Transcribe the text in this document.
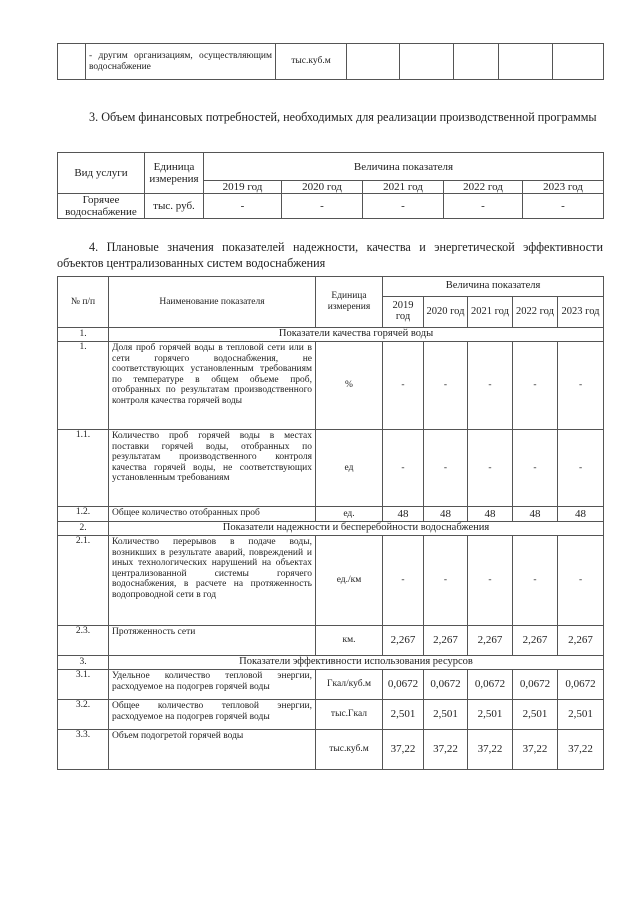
	- другим организациям, осуществляющим водоснабжение	тыс.куб.м					
3. Объем финансовых потребностей, необходимых для реализации производственной программы
Вид услуги	Единица измерения	Величина показателя				
		2019 год	2020 год	2021 год	2022 год	2023 год
Горячее водоснабжение	тыс. руб.	-	-	-	-	-
4. Плановые значения показателей надежности, качества и энергетической эффективности объектов централизованных систем водоснабжения
№ п/п	Наименование показателя	Единица измерения	Величина показателя				
			2019 год	2020 год	2021 год	2022 год	2023 год
1.	Показатели качества горячей воды						
1.	Доля проб горячей воды в тепловой сети или в сети горячего водоснабжения, не соответствующих установленным требованиям по температуре в общем объеме проб, отобранных по результатам производственного контроля качества горячей воды	%	-	-	-	-	-
1.1.	Количество проб горячей воды в местах поставки горячей воды, отобранных по результатам производственного контроля качества горячей воды, не соответствующих установленным требованиям	ед	-	-	-	-	-
1.2.	Общее количество отобранных проб	ед.	48	48	48	48	48
2.	Показатели надежности и бесперебойности водоснабжения						
2.1.	Количество перерывов в подаче воды, возникших в результате аварий, повреждений и иных технологических нарушений на объектах централизованной системы горячего водоснабжения, в расчете на протяженность водопроводной сети в год	ед./км	-	-	-	-	-
2.3.	Протяженность сети	км.	2,267	2,267	2,267	2,267	2,267
3.	Показатели эффективности использования ресурсов						
3.1.	Удельное количество тепловой энергии, расходуемое на подогрев горячей воды	Гкал/куб.м	0,0672	0,0672	0,0672	0,0672	0,0672
3.2.	Общее количество тепловой энергии, расходуемое на подогрев горячей воды	тыс.Гкал	2,501	2,501	2,501	2,501	2,501
3.3.	Объем подогретой горячей воды	тыс.куб.м	37,22	37,22	37,22	37,22	37,22
